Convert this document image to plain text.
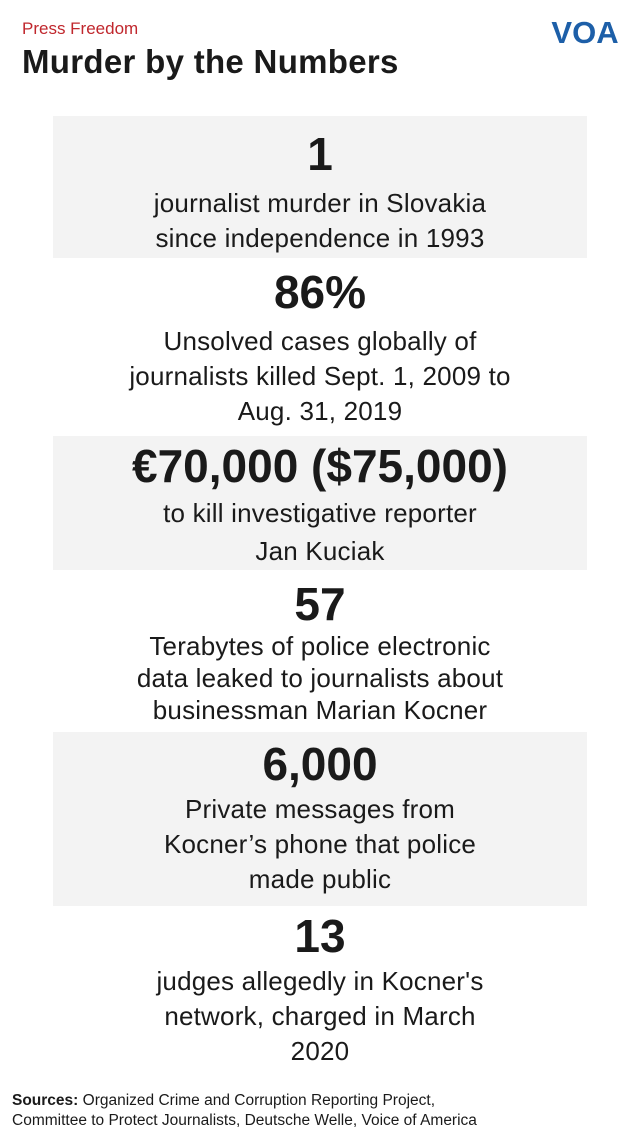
Press Freedom
Murder by the Numbers
VOA
1
journalist murder in Slovakia
since independence in 1993
86%
Unsolved cases globally of
journalists killed Sept. 1, 2009 to
Aug. 31, 2019
€70,000 ($75,000)
to kill investigative reporter
Jan Kuciak
57
Terabytes of police electronic
data leaked to journalists about
businessman Marian Kocner
6,000
Private messages from
Kocner’s phone that police
made public
13
judges allegedly in Kocner's
network, charged in March
2020
Sources: Organized Crime and Corruption Reporting Project,
Committee to Protect Journalists, Deutsche Welle, Voice of America
